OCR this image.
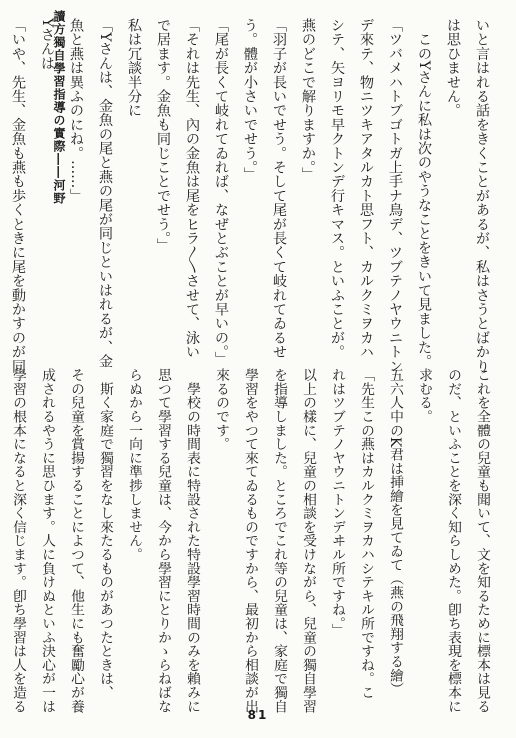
讀方獨自學習指導の實際――河野	いと言はれる話をきくことがあるが、私はさうとばかり
は思ひません。
　このYさんに私は次のやうなことをきいて見ました。
「ツバメハトブゴトガ上手ナ鳥デ、ツブテノヤウニトン
デ來テ、物ニツキアタルカト思フト、カルクミヲカハ
シテ、矢ヨリモ早クトンデ行キマス。といふことが。
燕のどこで解りますか。」
「羽子が長いでせう。そして尾が長くて岐れてゐるせ
う。體が小さいでせう。」
「尾が長くて岐れてゐれば、なぜとぶことが早いの。」
「それは先生、內の金魚は尾をヒラ〳〵させて、泳い
で居ます。金魚も同じことでせう。」
私は冗談半分に
「Yさんは、金魚の尾と燕の尾が同じといはれるが、金
魚と燕は異ふのにね。……」
Yさんは
「いや、先生、金魚も燕も歩くときに尾を動かすのが同

これを全體の兒童も聞いて、文を知るために標本は見る
のだ、といふことを深く知らしめた。卽ち表現を標本に
求むる。
五六人中のK君は挿繪を見てゐて（燕の飛翔する繪）
「先生この燕はカルクミヲカハシテキル所ですね。こ
れはツブテノヤウニトンデヰル所ですね。」
以上の樣に、兒童の相談を受けながら、兒童の獨自學習
を指導しました。ところでこれ等の兒童は、家庭で獨自
學習をやつて來てゐるものですから、最初から相談が出
來るのです。
　學校の時間表に特設された特設學習時間のみを賴みに
思つて學習する兒童は、今から學習にとりかゝらねばな
らぬから一向に準捗しません。
　斯く家庭で獨習をなし來たるものがあつたときは、
その兒童を賞揚することによつて、他生にも奮勵心が養
成されるやうに思ひます。人に負けぬといふ決心が一は
學習の根本になると深く信じます。卽ち學習は人を造る

81
